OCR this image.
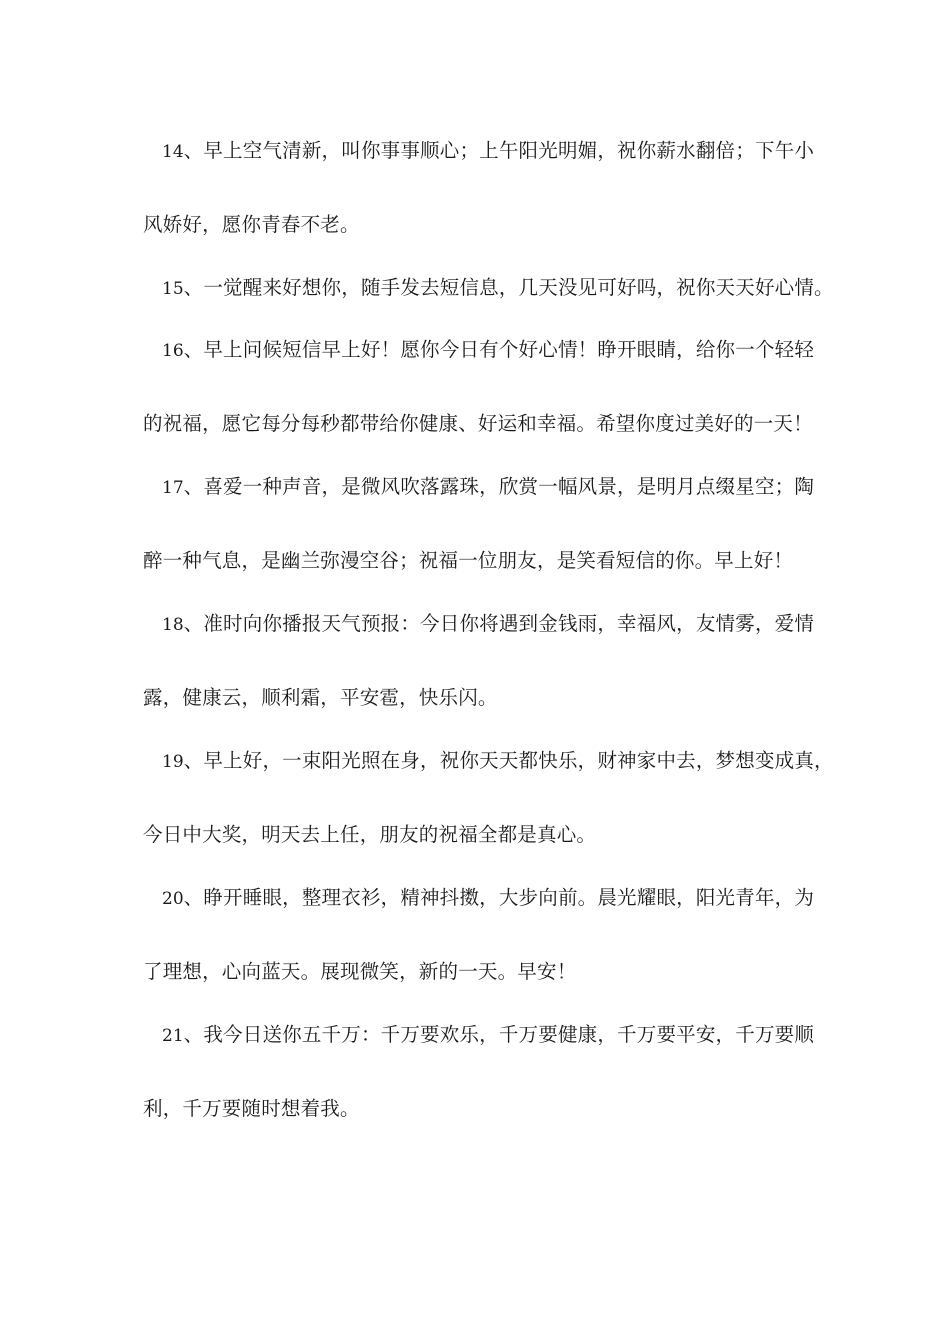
14、早上空气清新，叫你事事顺心；上午阳光明媚，祝你薪水翻倍；下午小
风娇好，愿你青春不老。
15、一觉醒来好想你，随手发去短信息，几天没见可好吗，祝你天天好心情。
16、早上问候短信早上好！愿你今日有个好心情！睁开眼睛，给你一个轻轻
的祝福，愿它每分每秒都带给你健康、好运和幸福。希望你度过美好的一天！
17、喜爱一种声音，是微风吹落露珠，欣赏一幅风景，是明月点缀星空；陶
醉一种气息，是幽兰弥漫空谷；祝福一位朋友，是笑看短信的你。早上好！
18、准时向你播报天气预报：今日你将遇到金钱雨，幸福风，友情雾，爱情
露，健康云，顺利霜，平安雹，快乐闪。
19、早上好，一束阳光照在身，祝你天天都快乐，财神家中去，梦想变成真，
今日中大奖，明天去上任，朋友的祝福全都是真心。
20、睁开睡眼，整理衣衫，精神抖擞，大步向前。晨光耀眼，阳光青年，为
了理想，心向蓝天。展现微笑，新的一天。早安！
21、我今日送你五千万：千万要欢乐，千万要健康，千万要平安，千万要顺
利，千万要随时想着我。
